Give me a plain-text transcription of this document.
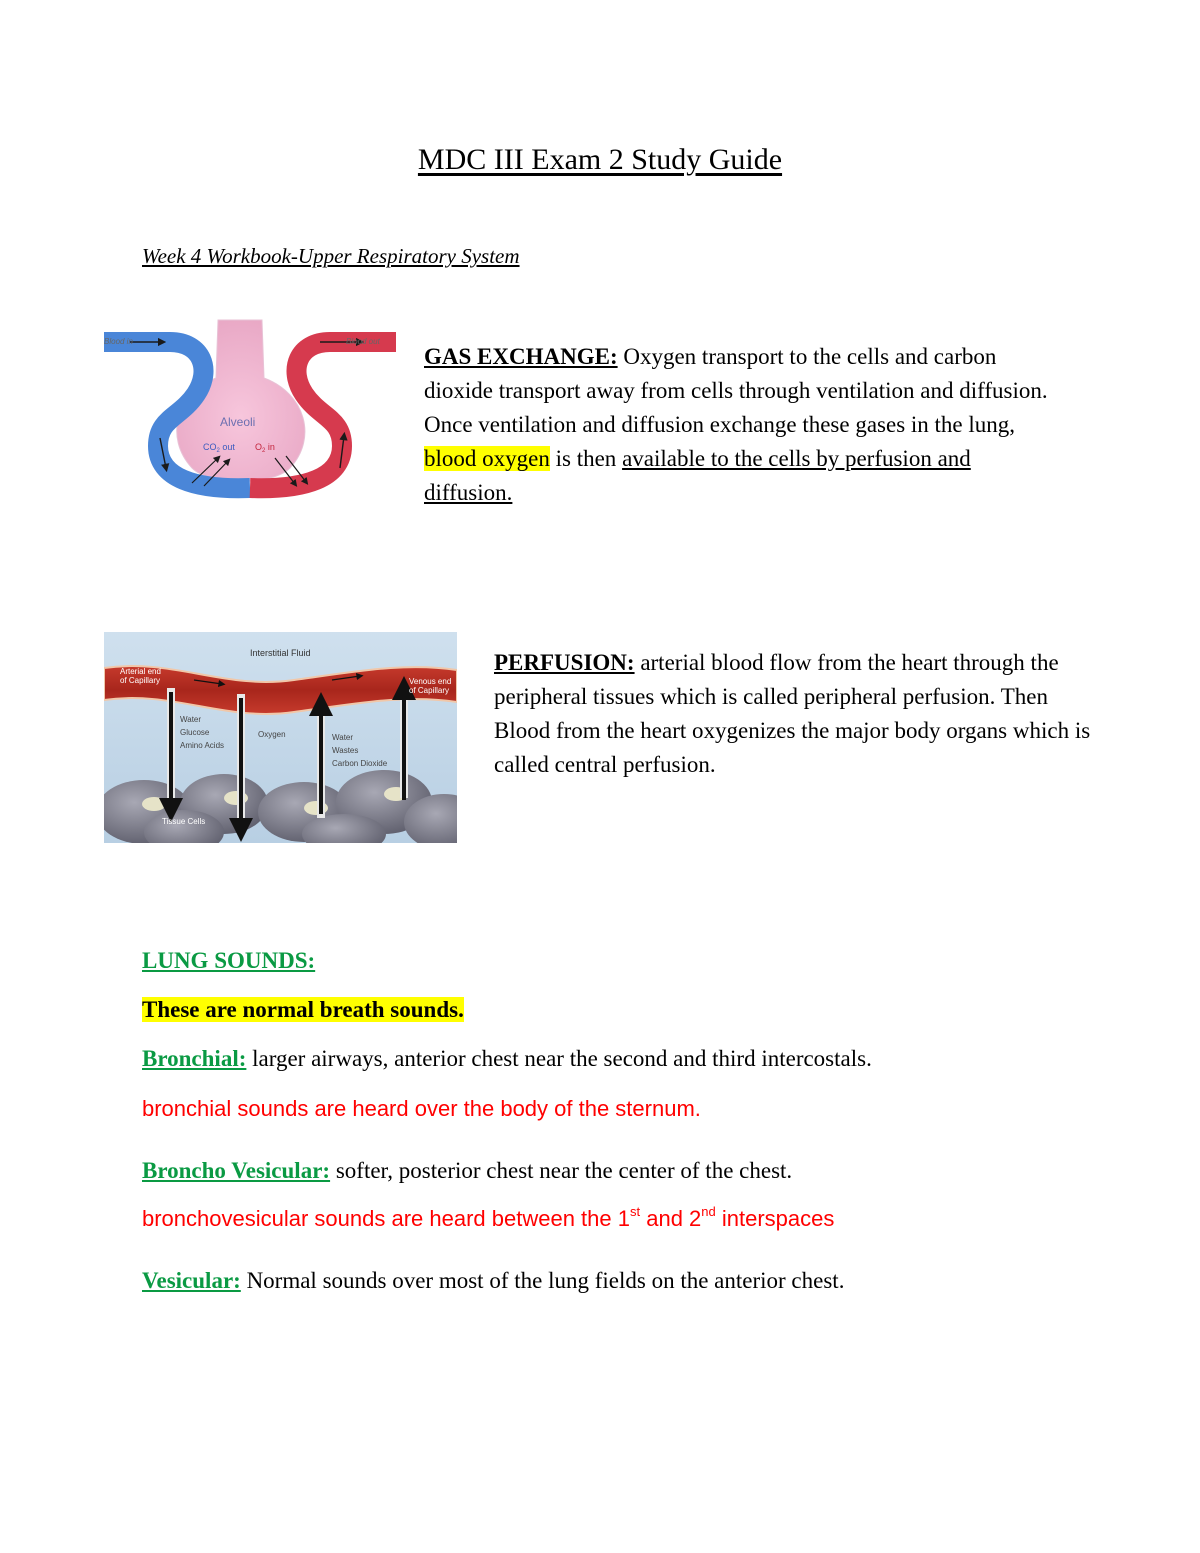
MDC III Exam 2 Study Guide
Week 4 Workbook-Upper Respiratory System
Blood in	Blood out
Alveoli
$CO_2$ out $O_2$ in
GAS EXCHANGE: Oxygen transport to the cells and carbon dioxide transport away from cells through ventilation and diffusion. Once ventilation and diffusion exchange these gases in the lung, blood oxygen is then available to the cells by perfusion and diffusion.
Interstitial Fluid
Arterial end
of Capillary	Venous end
of Capillary
Water
Glucose
Amino Acids
Oxygen	Water
Wastes
Carbon Dioxide
Tissue Cells
PERFUSION: arterial blood flow from the heart through the peripheral tissues which is called peripheral perfusion. Then Blood from the heart oxygenizes the major body organs which is called central perfusion.
LUNG SOUNDS:
These are normal breath sounds.
Bronchial: larger airways, anterior chest near the second and third intercostals.
bronchial sounds are heard over the body of the sternum.
Broncho Vesicular: softer, posterior chest near the center of the chest.
bronchovesicular sounds are heard between the 1st and 2nd interspaces
Vesicular: Normal sounds over most of the lung fields on the anterior chest.
